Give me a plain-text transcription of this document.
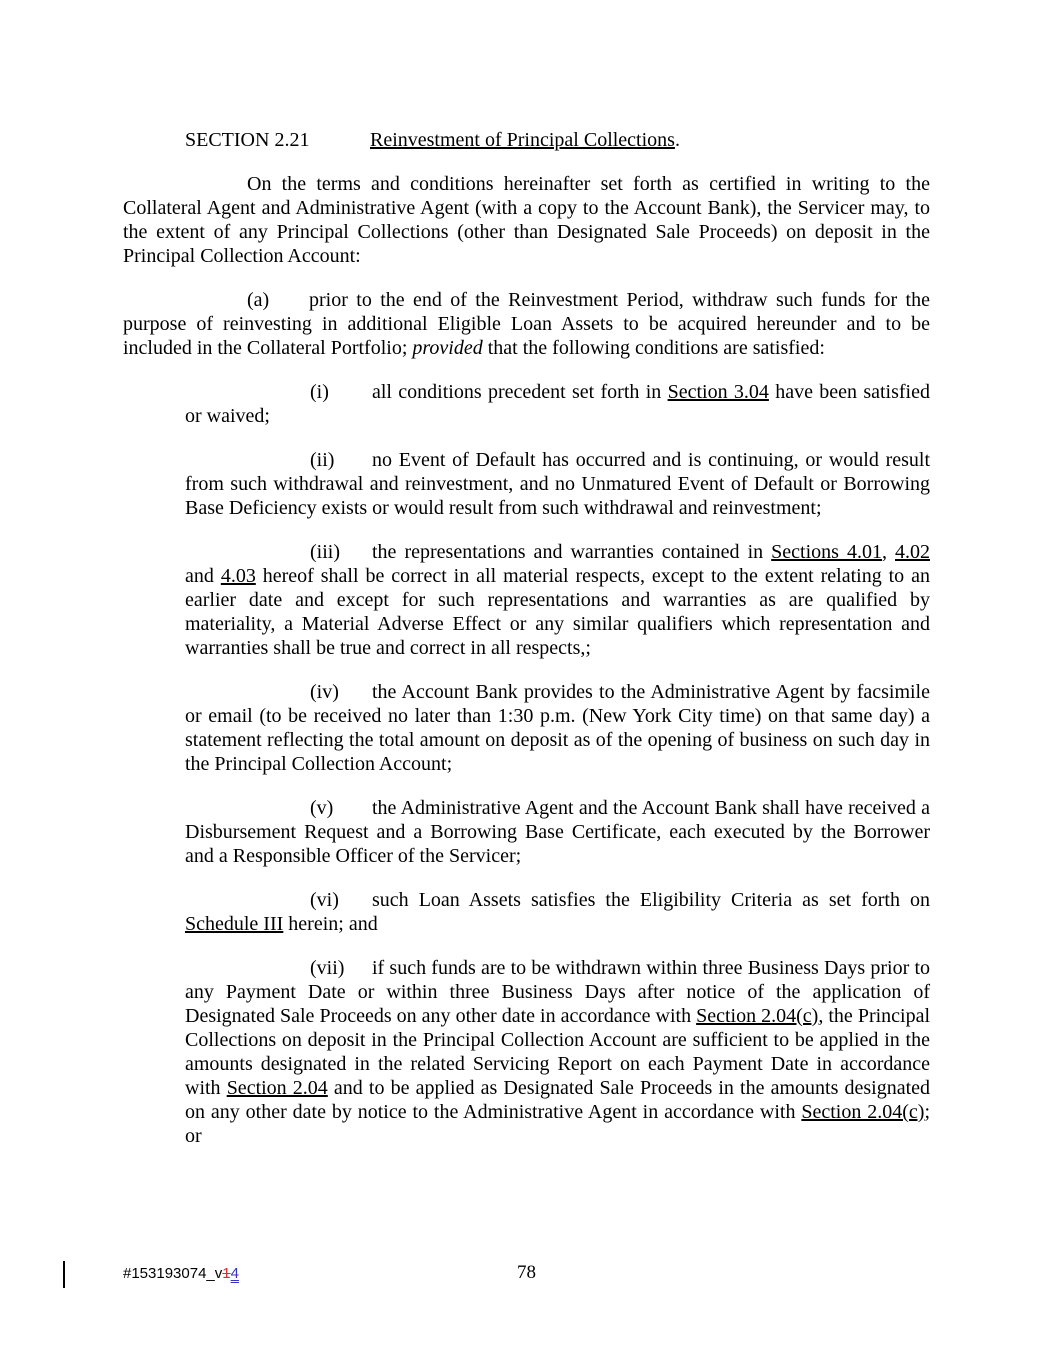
SECTION 2.21	Reinvestment of Principal Collections.

On the terms and conditions hereinafter set forth as certified in writing to the Collateral Agent and Administrative Agent (with a copy to the Account Bank), the Servicer may, to the extent of any Principal Collections (other than Designated Sale Proceeds) on deposit in the Principal Collection Account:

(a) prior to the end of the Reinvestment Period, withdraw such funds for the purpose of reinvesting in additional Eligible Loan Assets to be acquired hereunder and to be included in the Collateral Portfolio; provided that the following conditions are satisfied:

(i) all conditions precedent set forth in Section 3.04 have been satisfied or waived;

(ii) no Event of Default has occurred and is continuing, or would result from such withdrawal and reinvestment, and no Unmatured Event of Default or Borrowing Base Deficiency exists or would result from such withdrawal and reinvestment;

(iii) the representations and warranties contained in Sections 4.01, 4.02 and 4.03 hereof shall be correct in all material respects, except to the extent relating to an earlier date and except for such representations and warranties as are qualified by materiality, a Material Adverse Effect or any similar qualifiers which representation and warranties shall be true and correct in all respects,;

(iv) the Account Bank provides to the Administrative Agent by facsimile or email (to be received no later than 1:30 p.m. (New York City time) on that same day) a statement reflecting the total amount on deposit as of the opening of business on such day in the Principal Collection Account;

(v) the Administrative Agent and the Account Bank shall have received a Disbursement Request and a Borrowing Base Certificate, each executed by the Borrower and a Responsible Officer of the Servicer;

(vi) such Loan Assets satisfies the Eligibility Criteria as set forth on Schedule III herein; and

(vii) if such funds are to be withdrawn within three Business Days prior to any Payment Date or within three Business Days after notice of the application of Designated Sale Proceeds on any other date in accordance with Section 2.04(c), the Principal Collections on deposit in the Principal Collection Account are sufficient to be applied in the amounts designated in the related Servicing Report on each Payment Date in accordance with Section 2.04 and to be applied as Designated Sale Proceeds in the amounts designated on any other date by notice to the Administrative Agent in accordance with Section 2.04(c); or

#153193074_v14	78
